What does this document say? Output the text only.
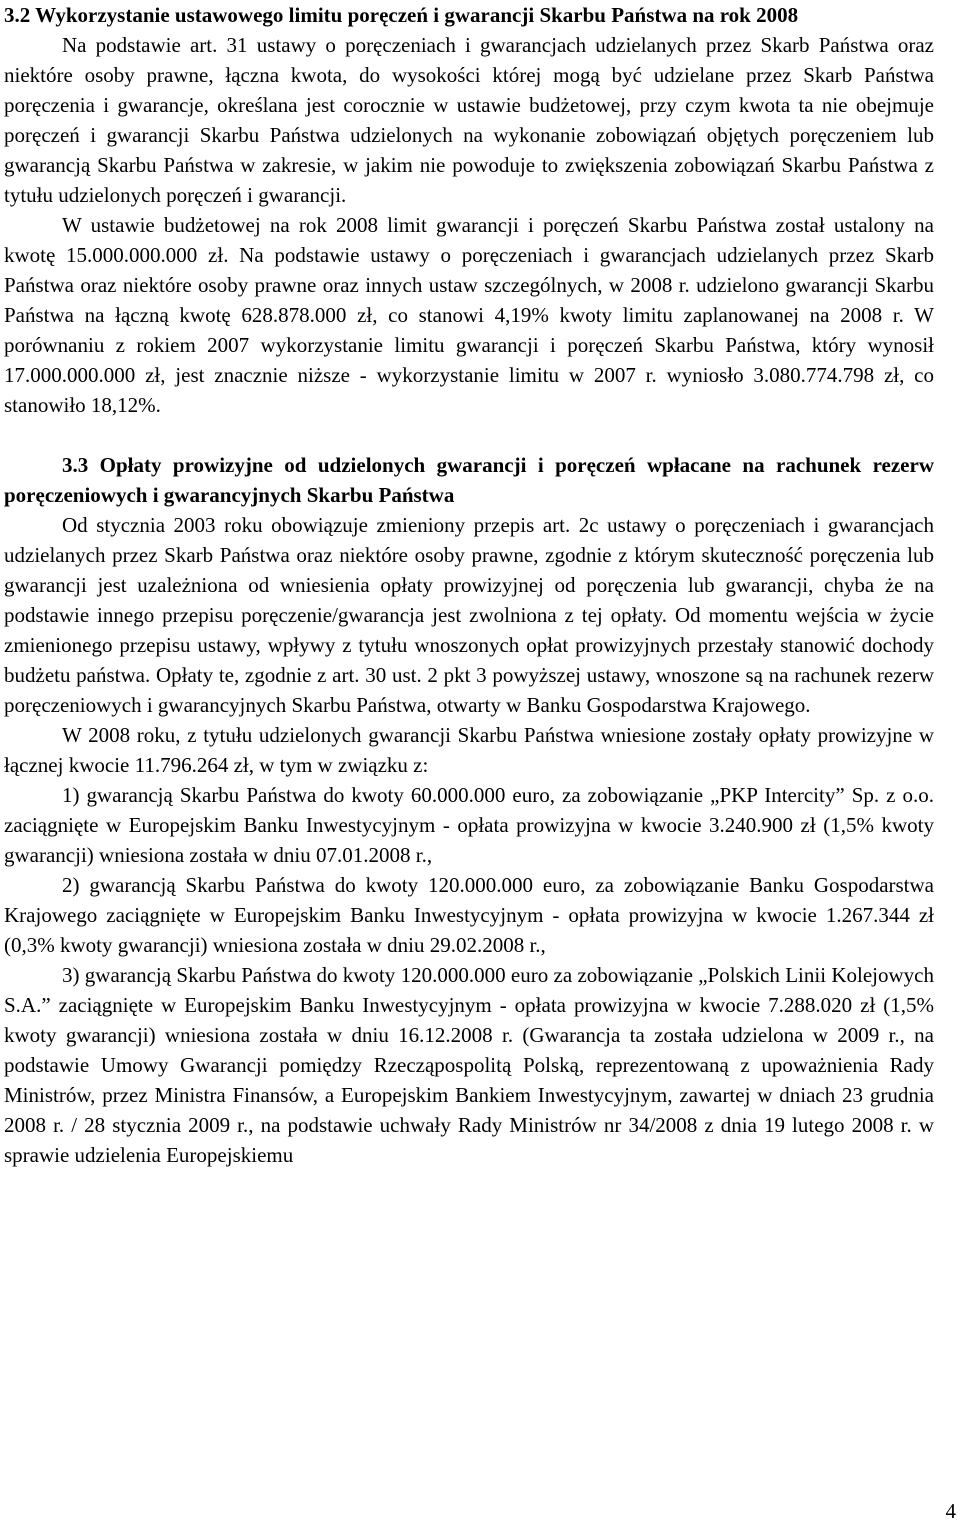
3.2 Wykorzystanie ustawowego limitu poręczeń i gwarancji Skarbu Państwa na rok 2008

Na podstawie art. 31 ustawy o poręczeniach i gwarancjach udzielanych przez Skarb Państwa oraz niektóre osoby prawne, łączna kwota, do wysokości której mogą być udzielane przez Skarb Państwa poręczenia i gwarancje, określana jest corocznie w ustawie budżetowej, przy czym kwota ta nie obejmuje poręczeń i gwarancji Skarbu Państwa udzielonych na wykonanie zobowiązań objętych poręczeniem lub gwarancją Skarbu Państwa w zakresie, w jakim nie powoduje to zwiększenia zobowiązań Skarbu Państwa z tytułu udzielonych poręczeń i gwarancji.

W ustawie budżetowej na rok 2008 limit gwarancji i poręczeń Skarbu Państwa został ustalony na kwotę 15.000.000.000 zł. Na podstawie ustawy o poręczeniach i gwarancjach udzielanych przez Skarb Państwa oraz niektóre osoby prawne oraz innych ustaw szczególnych, w 2008 r. udzielono gwarancji Skarbu Państwa na łączną kwotę 628.878.000 zł, co stanowi 4,19% kwoty limitu zaplanowanej na 2008 r. W porównaniu z rokiem 2007 wykorzystanie limitu gwarancji i poręczeń Skarbu Państwa, który wynosił 17.000.000.000 zł, jest znacznie niższe - wykorzystanie limitu w 2007 r. wyniosło 3.080.774.798 zł, co stanowiło 18,12%.

3.3 Opłaty prowizyjne od udzielonych gwarancji i poręczeń wpłacane na rachunek rezerw poręczeniowych i gwarancyjnych Skarbu Państwa

Od stycznia 2003 roku obowiązuje zmieniony przepis art. 2c ustawy o poręczeniach i gwarancjach udzielanych przez Skarb Państwa oraz niektóre osoby prawne, zgodnie z którym skuteczność poręczenia lub gwarancji jest uzależniona od wniesienia opłaty prowizyjnej od poręczenia lub gwarancji, chyba że na podstawie innego przepisu poręczenie/gwarancja jest zwolniona z tej opłaty. Od momentu wejścia w życie zmienionego przepisu ustawy, wpływy z tytułu wnoszonych opłat prowizyjnych przestały stanowić dochody budżetu państwa. Opłaty te, zgodnie z art. 30 ust. 2 pkt 3 powyższej ustawy, wnoszone są na rachunek rezerw poręczeniowych i gwarancyjnych Skarbu Państwa, otwarty w Banku Gospodarstwa Krajowego.

W 2008 roku, z tytułu udzielonych gwarancji Skarbu Państwa wniesione zostały opłaty prowizyjne w łącznej kwocie 11.796.264 zł, w tym w związku z:

1) gwarancją Skarbu Państwa do kwoty 60.000.000 euro, za zobowiązanie „PKP Intercity” Sp. z o.o. zaciągnięte w Europejskim Banku Inwestycyjnym - opłata prowizyjna w kwocie 3.240.900 zł (1,5% kwoty gwarancji) wniesiona została w dniu 07.01.2008 r.,

2) gwarancją Skarbu Państwa do kwoty 120.000.000 euro, za zobowiązanie Banku Gospodarstwa Krajowego zaciągnięte w Europejskim Banku Inwestycyjnym - opłata prowizyjna w kwocie 1.267.344 zł (0,3% kwoty gwarancji) wniesiona została w dniu 29.02.2008 r.,

3) gwarancją Skarbu Państwa do kwoty 120.000.000 euro za zobowiązanie „Polskich Linii Kolejowych S.A.” zaciągnięte w Europejskim Banku Inwestycyjnym - opłata prowizyjna w kwocie 7.288.020 zł (1,5% kwoty gwarancji) wniesiona została w dniu 16.12.2008 r. (Gwarancja ta została udzielona w 2009 r., na podstawie Umowy Gwarancji pomiędzy Rzecząpospolitą Polską, reprezentowaną z upoważnienia Rady Ministrów, przez Ministra Finansów, a Europejskim Bankiem Inwestycyjnym, zawartej w dniach 23 grudnia 2008 r. / 28 stycznia 2009 r., na podstawie uchwały Rady Ministrów nr 34/2008 z dnia 19 lutego 2008 r. w sprawie udzielenia Europejskiemu

4
